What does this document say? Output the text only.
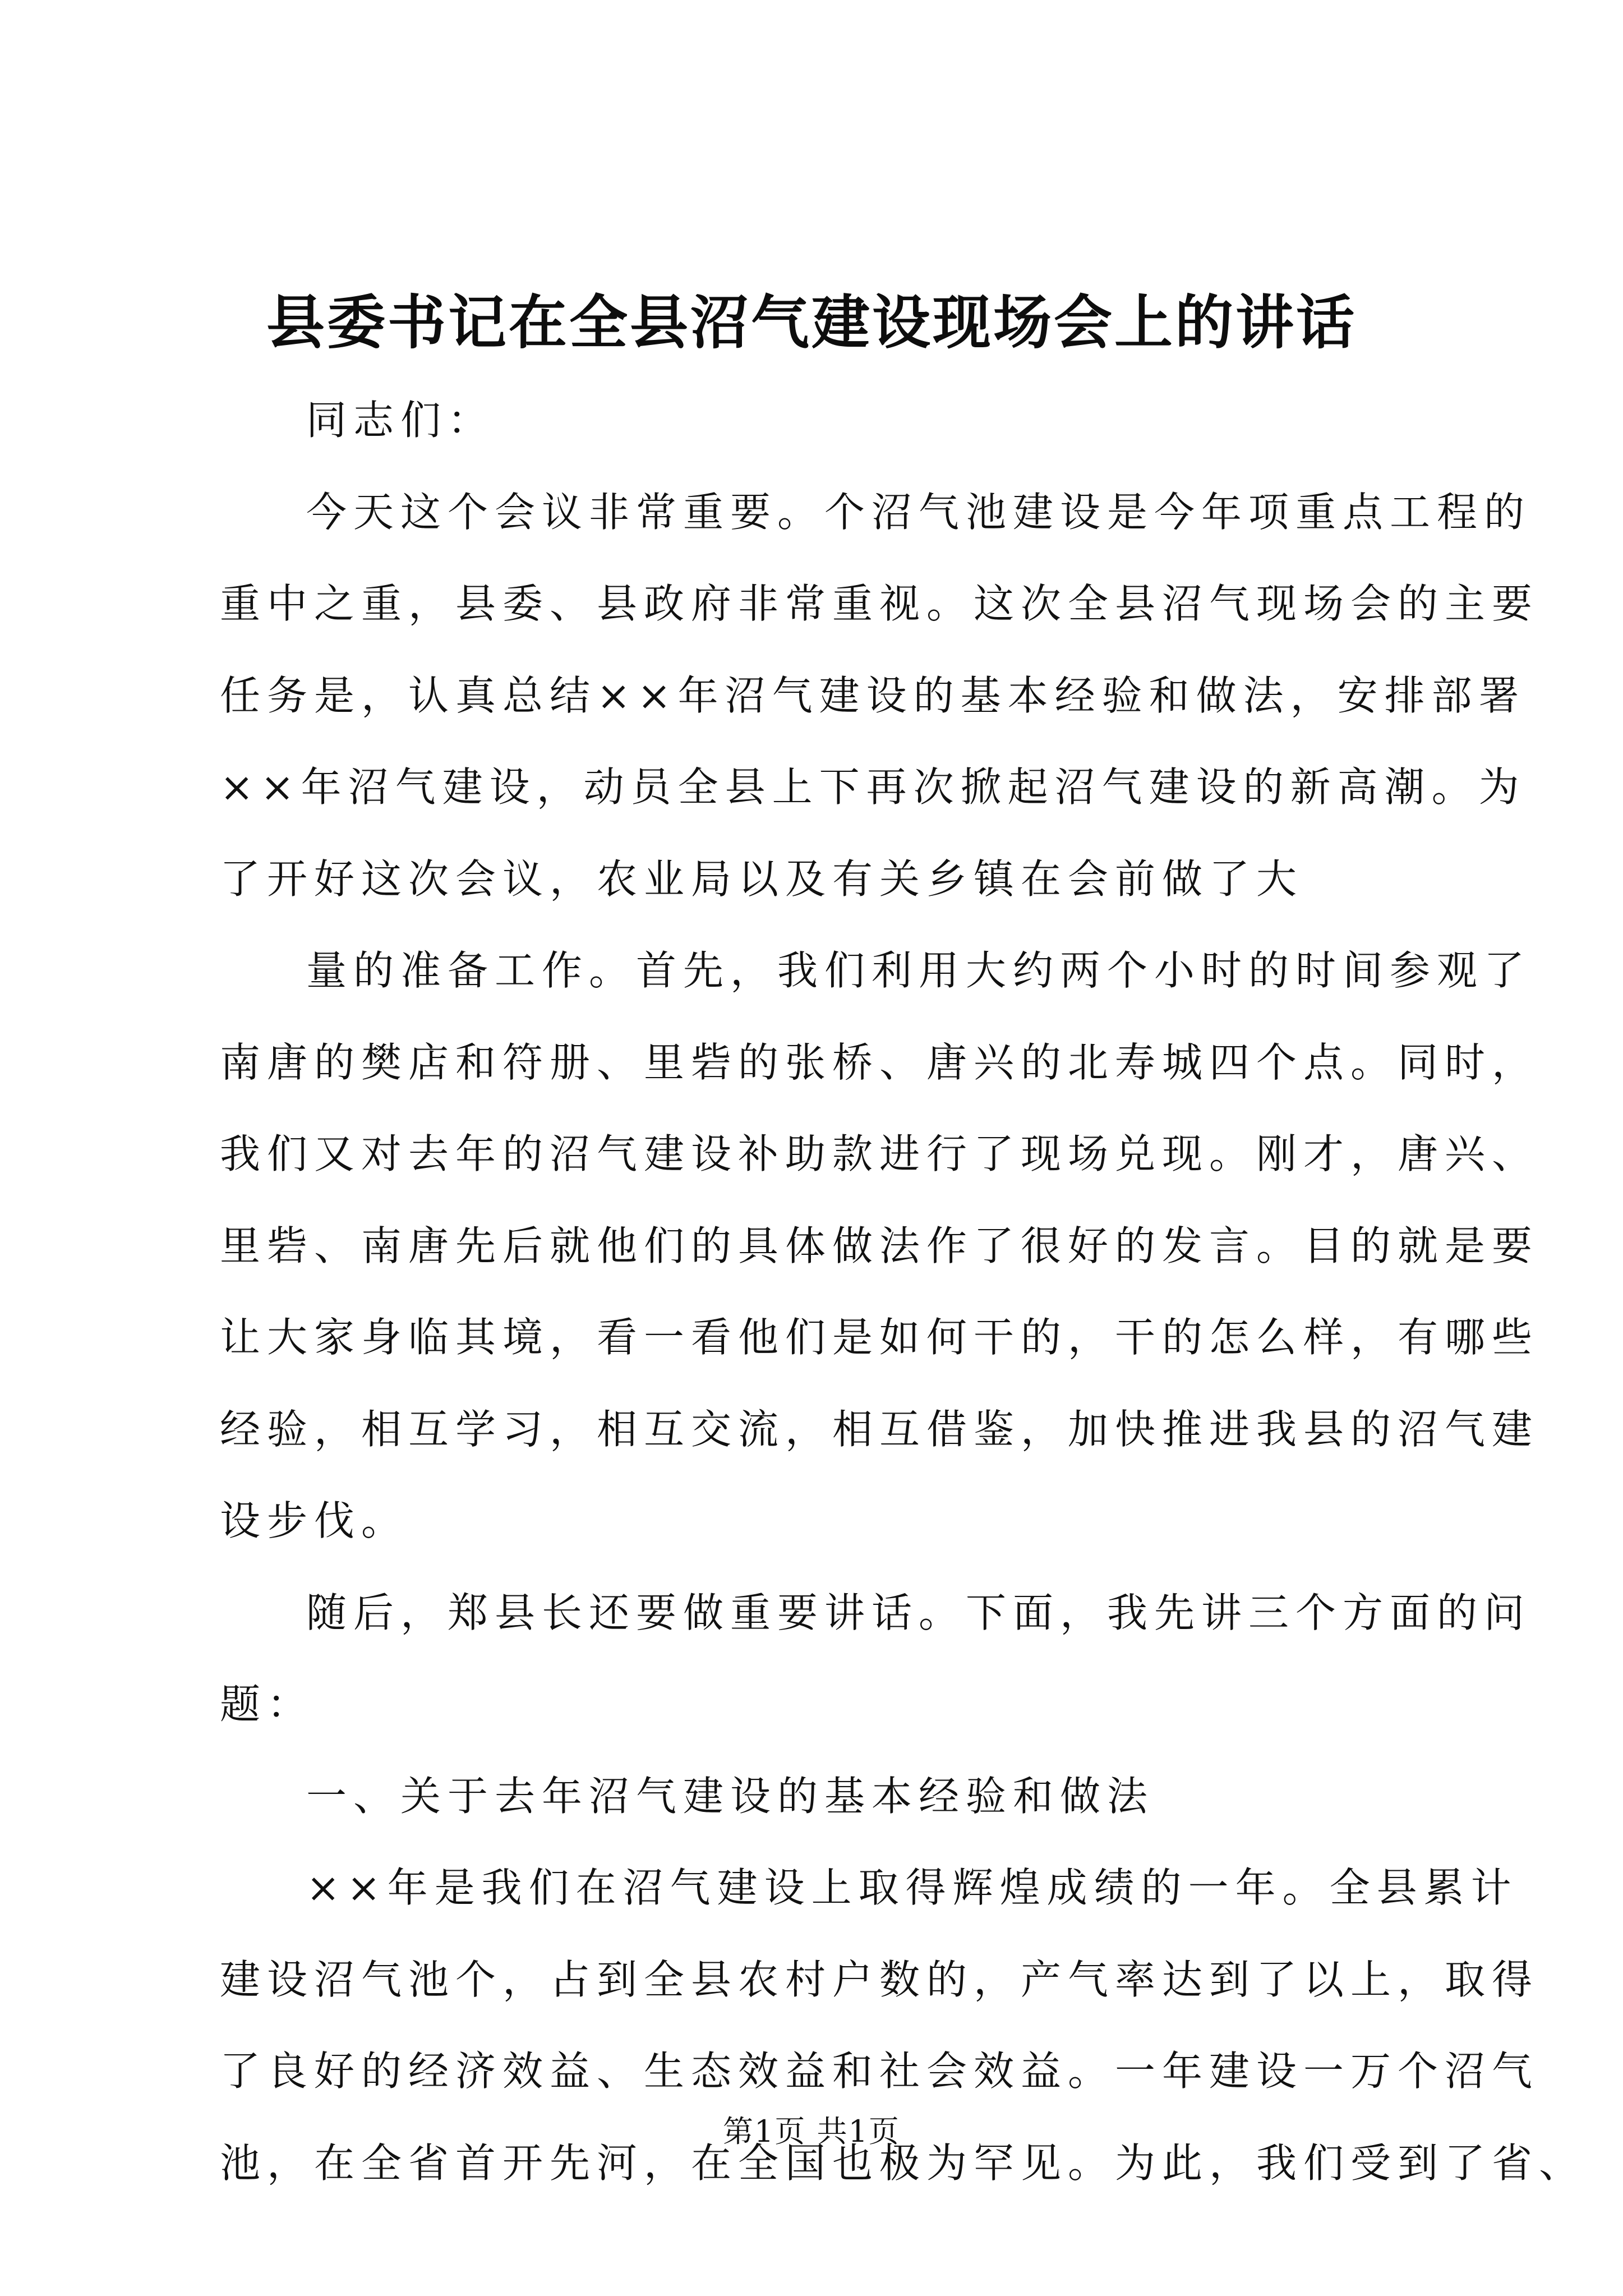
县委书记在全县沼气建设现场会上的讲话
同志们：
今天这个会议非常重要。个沼气池建设是今年项重点工程的
重中之重，县委、县政府非常重视。这次全县沼气现场会的主要
任务是，认真总结××年沼气建设的基本经验和做法，安排部署
××年沼气建设，动员全县上下再次掀起沼气建设的新高潮。为
了开好这次会议，农业局以及有关乡镇在会前做了大
量的准备工作。首先，我们利用大约两个小时的时间参观了
南唐的樊店和符册、里砦的张桥、唐兴的北寿城四个点。同时，
我们又对去年的沼气建设补助款进行了现场兑现。刚才，唐兴、
里砦、南唐先后就他们的具体做法作了很好的发言。目的就是要
让大家身临其境，看一看他们是如何干的，干的怎么样，有哪些
经验，相互学习，相互交流，相互借鉴，加快推进我县的沼气建
设步伐。
随后，郑县长还要做重要讲话。下面，我先讲三个方面的问
题：
一、关于去年沼气建设的基本经验和做法
××年是我们在沼气建设上取得辉煌成绩的一年。全县累计
建设沼气池个，占到全县农村户数的，产气率达到了以上，取得
了良好的经济效益、生态效益和社会效益。一年建设一万个沼气
池，在全省首开先河，在全国也极为罕见。为此，我们受到了省、
第1页 共1页
